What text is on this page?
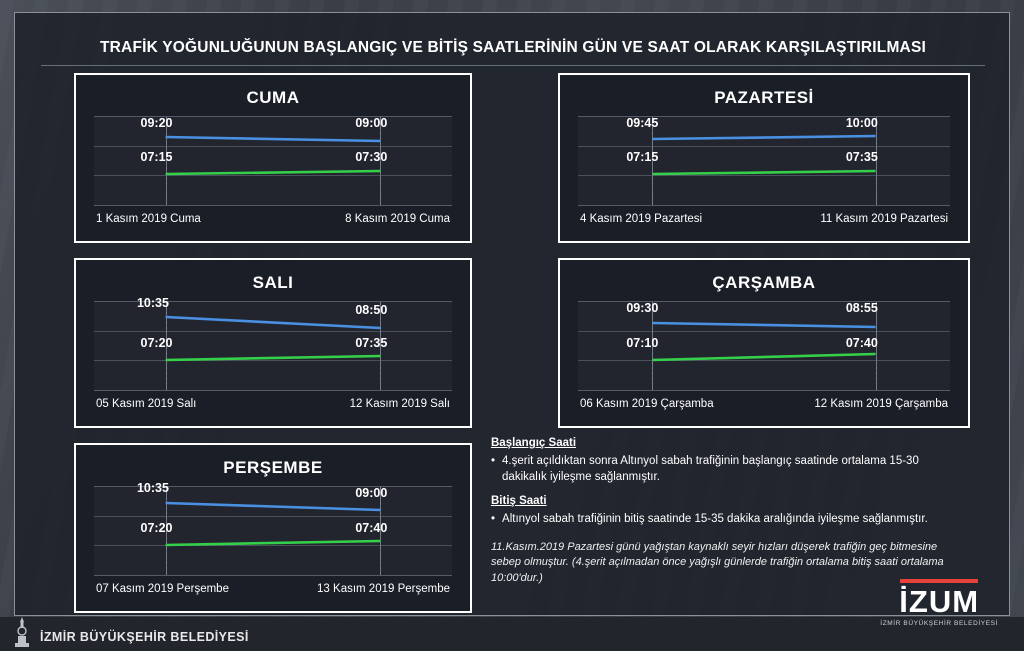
TRAFİK YOĞUNLUĞUNUN BAŞLANGIÇ VE BİTİŞ SAATLERİNİN GÜN VE SAAT OLARAK KARŞILAŞTIRILMASI
CUMA
09:20	09:00
07:15	07:30
1 Kasım 2019 Cuma	8 Kasım 2019 Cuma
PAZARTESİ
09:45	10:00
07:15	07:35
4 Kasım 2019 Pazartesi	11 Kasım 2019 Pazartesi
SALI
10:35	08:50
07:20	07:35
05 Kasım 2019 Salı	12 Kasım 2019 Salı
ÇARŞAMBA
09:30	08:55
07:10	07:40
06 Kasım 2019 Çarşamba	12 Kasım 2019 Çarşamba
PERŞEMBE
10:35	09:00
07:20	07:40
07 Kasım 2019 Perşembe	13 Kasım 2019 Perşembe
Başlangıç Saati
• 4.şerit açıldıktan sonra Altınyol sabah trafiğinin başlangıç saatinde ortalama 15-30 dakikalık iyileşme sağlanmıştır.
Bitiş Saati
• Altınyol sabah trafiğinin bitiş saatinde 15-35 dakika aralığında iyileşme sağlanmıştır.
11.Kasım.2019 Pazartesi günü yağıştan kaynaklı seyir hızları düşerek trafiğin geç bitmesine sebep olmuştur. (4.şerit açılmadan önce yağışlı günlerde trafiğin ortalama bitiş saati ortalama 10:00'dur.)
İZMİR BÜYÜKŞEHİR BELEDİYESİ
İZUM
İZMİR BÜYÜKŞEHİR BELEDİYESİ
